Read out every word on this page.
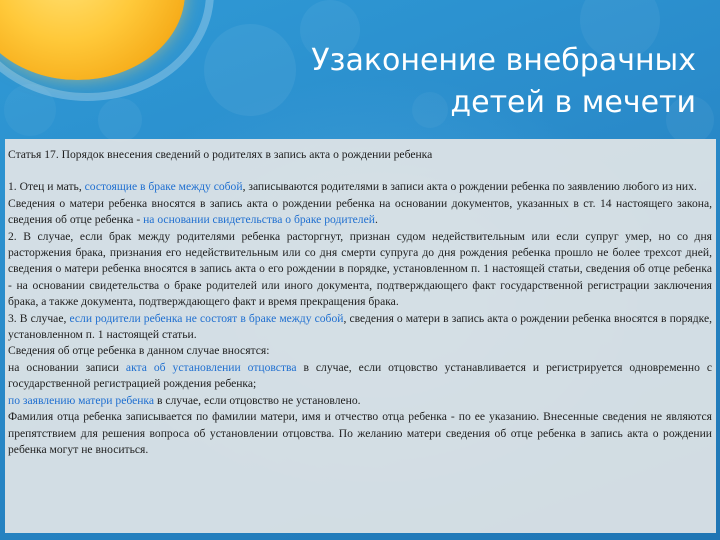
Узаконение внебрачных
детей в мечети

Статья 17. Порядок внесения сведений о родителях в запись акта о рождении ребенка

1. Отец и мать, состоящие в браке между собой, записываются родителями в записи акта о рождении ребенка по заявлению любого из них.

Сведения о матери ребенка вносятся в запись акта о рождении ребенка на основании документов, указанных в ст. 14 настоящего закона, сведения об отце ребенка - на основании свидетельства о браке родителей.

2. В случае, если брак между родителями ребенка расторгнут, признан судом недействительным или если супруг умер, но со дня расторжения брака, признания его недействительным или со дня смерти супруга до дня рождения ребенка прошло не более трехсот дней, сведения о матери ребенка вносятся в запись акта о его рождении в порядке, установленном п. 1 настоящей статьи, сведения об отце ребенка - на основании свидетельства о браке родителей или иного документа, подтверждающего факт государственной регистрации заключения брака, а также документа, подтверждающего факт и время прекращения брака.

3. В случае, если родители ребенка не состоят в браке между собой, сведения о матери в запись акта о рождении ребенка вносятся в порядке, установленном п. 1 настоящей статьи.

Сведения об отце ребенка в данном случае вносятся:

на основании записи акта об установлении отцовства в случае, если отцовство устанавливается и регистрируется одновременно с государственной регистрацией рождения ребенка;

по заявлению матери ребенка в случае, если отцовство не установлено.

Фамилия отца ребенка записывается по фамилии матери, имя и отчество отца ребенка - по ее указанию. Внесенные сведения не являются препятствием для решения вопроса об установлении отцовства. По желанию матери сведения об отце ребенка в запись акта о рождении ребенка могут не вноситься.
